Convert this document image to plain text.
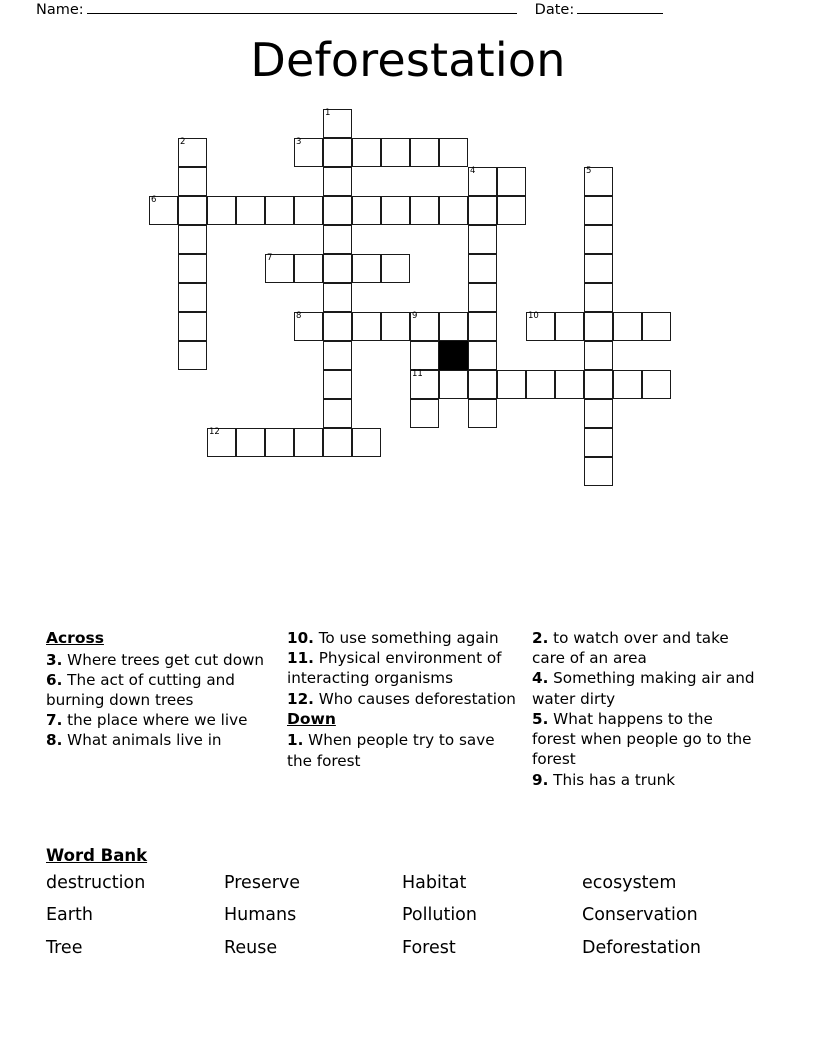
Name:	Date:
Deforestation
1
2	3
4	5
6
7
8	9	10
11
12
Across
3. Where trees get cut down
6. The act of cutting and burning down trees
7. the place where we live
8. What animals live in
10. To use something again
11. Physical environment of interacting organisms
12. Who causes deforestation
Down
1. When people try to save the forest
2. to watch over and take care of an area
4. Something making air and water dirty
5. What happens to the forest when people go to the forest
9. This has a trunk
Word Bank
destruction	Preserve	Habitat	ecosystem
Earth	Humans	Pollution	Conservation
Tree	Reuse	Forest	Deforestation
